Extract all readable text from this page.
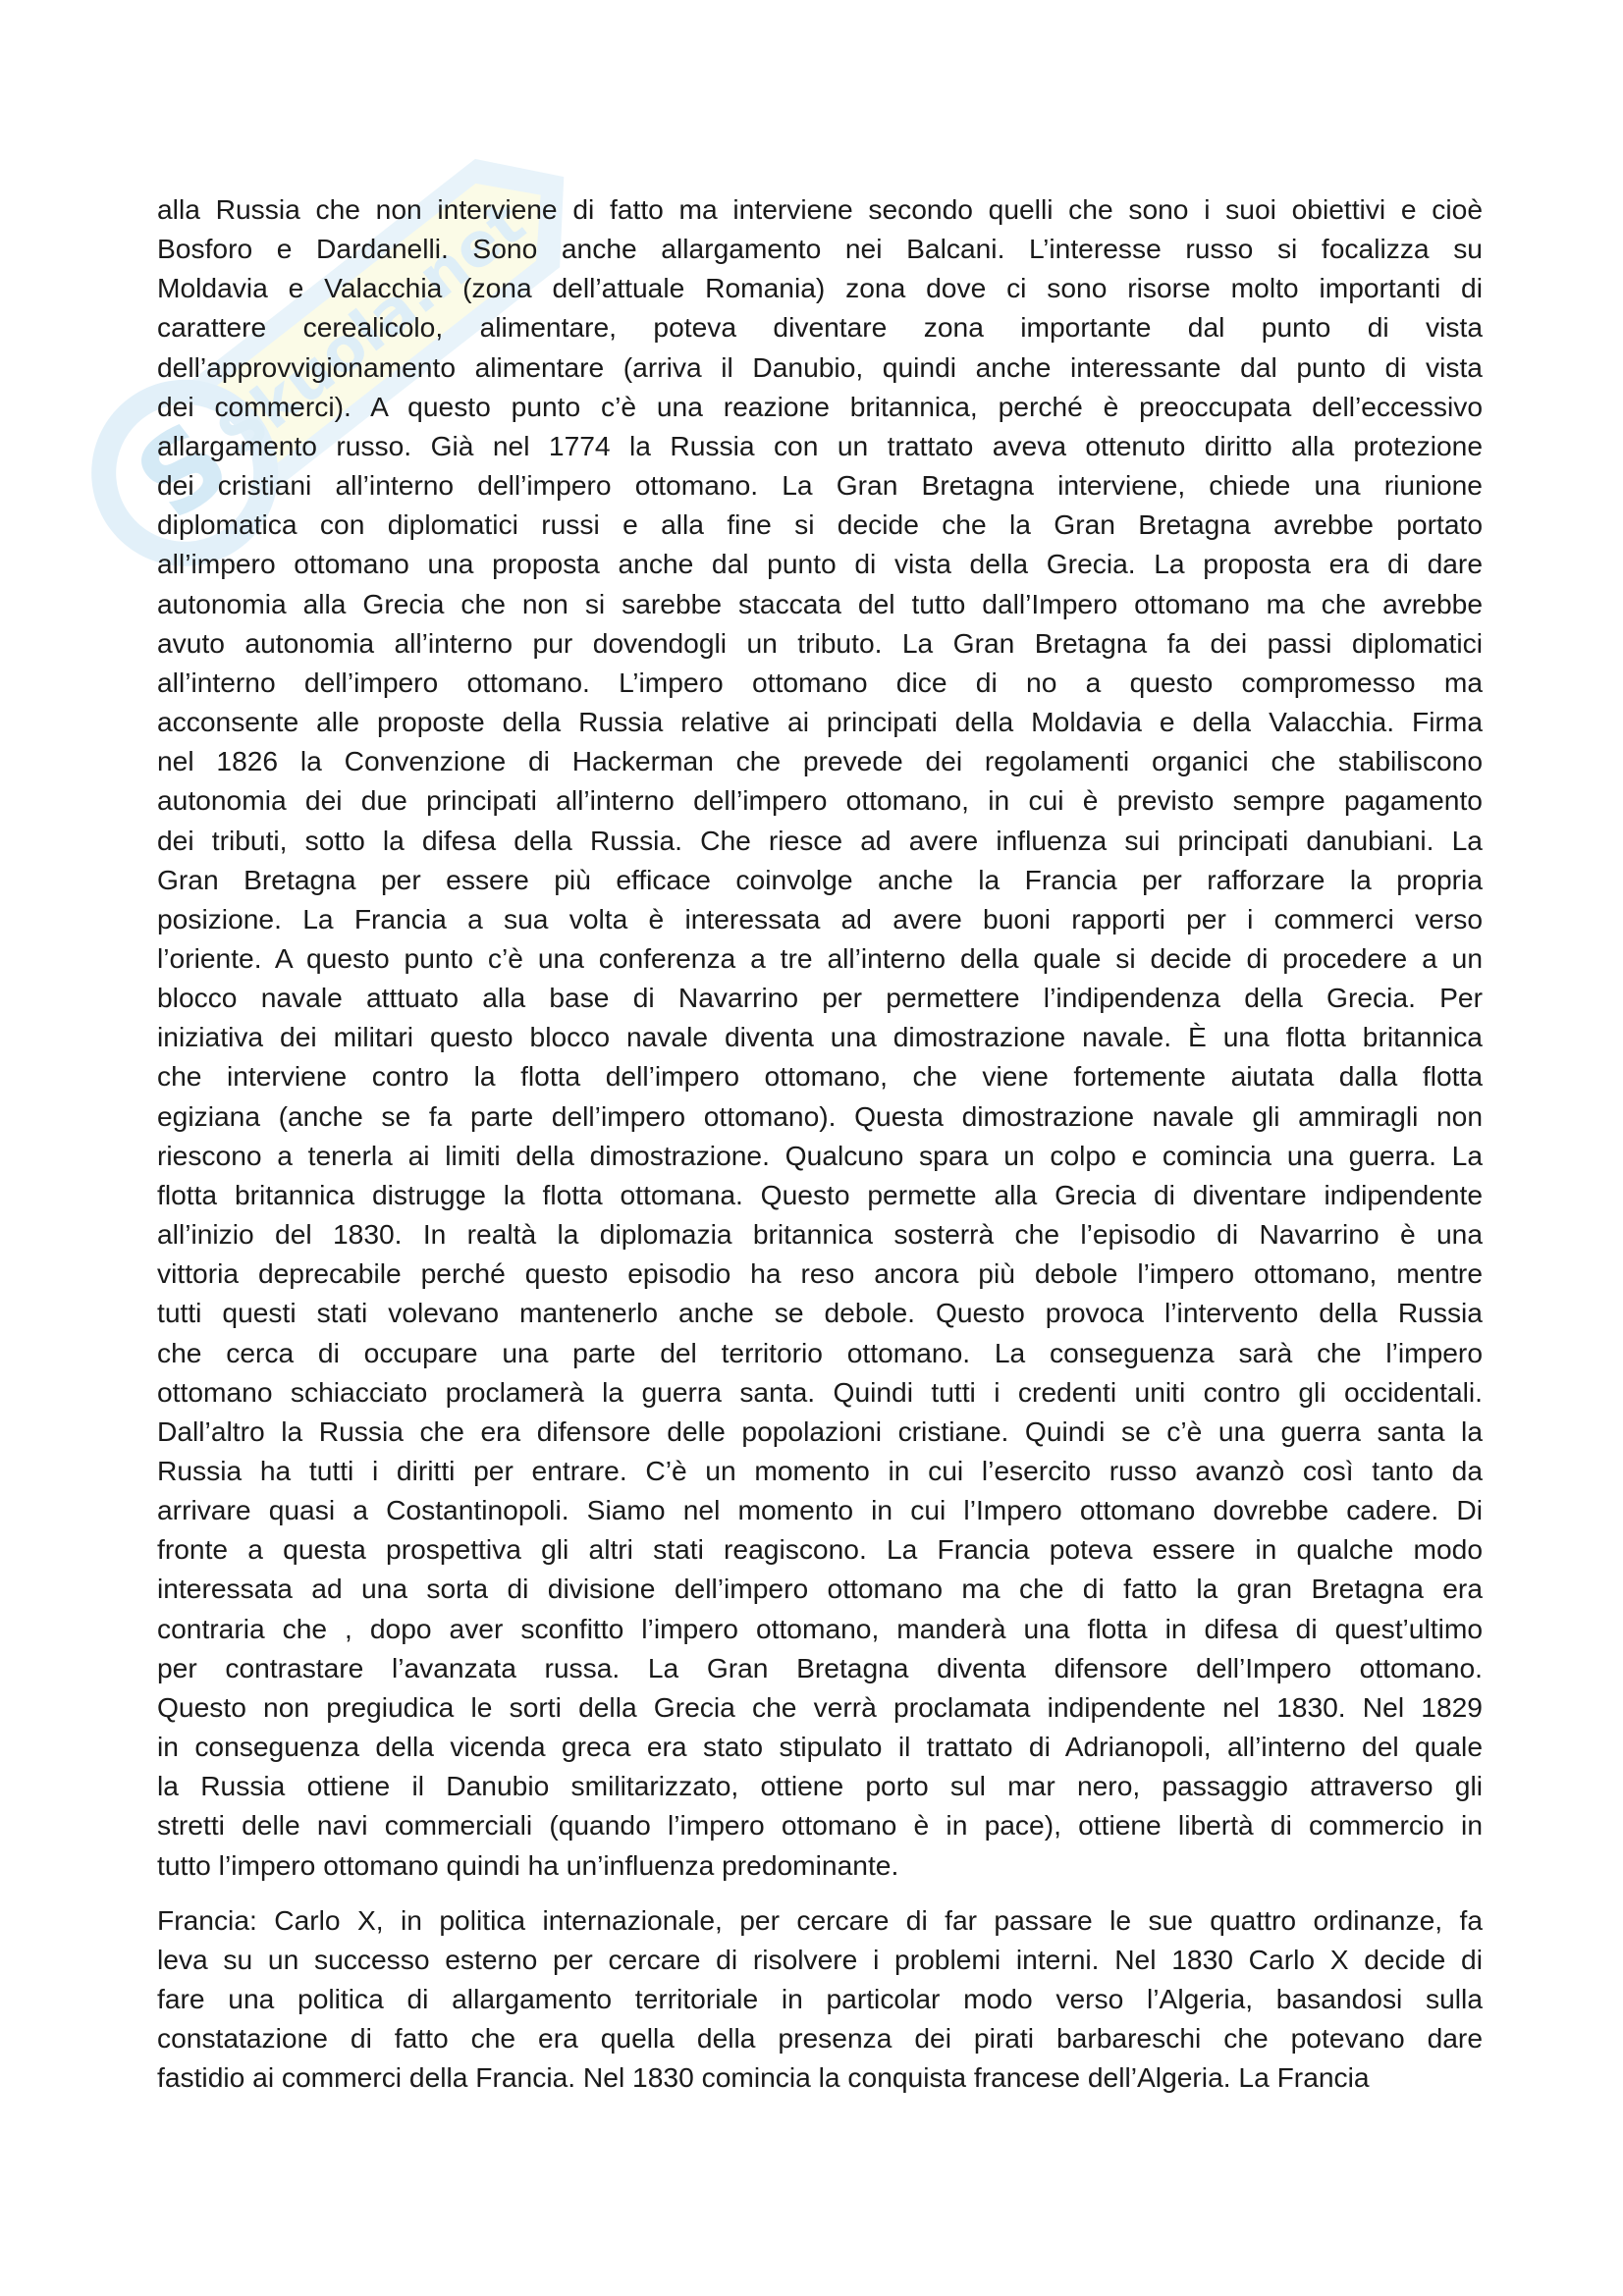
S
Skuola.net
alla Russia che non interviene di fatto ma interviene secondo quelli che sono i suoi obiettivi e cioè
Bosforo e Dardanelli. Sono anche allargamento nei Balcani. L’interesse russo si focalizza su
Moldavia e Valacchia (zona dell’attuale Romania) zona dove ci sono risorse molto importanti di
carattere cerealicolo, alimentare, poteva diventare zona importante dal punto di vista
dell’approvvigionamento alimentare (arriva il Danubio, quindi anche interessante dal punto di vista
dei commerci). A questo punto c’è una reazione britannica, perché è preoccupata dell’eccessivo
allargamento russo. Già nel 1774 la Russia con un trattato aveva ottenuto diritto alla protezione
dei cristiani all’interno dell’impero ottomano. La Gran Bretagna interviene, chiede una riunione
diplomatica con diplomatici russi e alla fine si decide che la Gran Bretagna avrebbe portato
all’impero ottomano una proposta anche dal punto di vista della Grecia. La proposta era di dare
autonomia alla Grecia che non si sarebbe staccata del tutto dall’Impero ottomano ma che avrebbe
avuto autonomia all’interno pur dovendogli un tributo. La Gran Bretagna fa dei passi diplomatici
all’interno dell’impero ottomano. L’impero ottomano dice di no a questo compromesso ma
acconsente alle proposte della Russia relative ai principati della Moldavia e della Valacchia. Firma
nel 1826 la Convenzione di Hackerman che prevede dei regolamenti organici che stabiliscono
autonomia dei due principati all’interno dell’impero ottomano, in cui è previsto sempre pagamento
dei tributi, sotto la difesa della Russia. Che riesce ad avere influenza sui principati danubiani. La
Gran Bretagna per essere più efficace coinvolge anche la Francia per rafforzare la propria
posizione. La Francia a sua volta è interessata ad avere buoni rapporti per i commerci verso
l’oriente. A questo punto c’è una conferenza a tre all’interno della quale si decide di procedere a un
blocco navale atttuato alla base di Navarrino per permettere l’indipendenza della Grecia. Per
iniziativa dei militari questo blocco navale diventa una dimostrazione navale. È una flotta britannica
che interviene contro la flotta dell’impero ottomano, che viene fortemente aiutata dalla flotta
egiziana (anche se fa parte dell’impero ottomano). Questa dimostrazione navale gli ammiragli non
riescono a tenerla ai limiti della dimostrazione. Qualcuno spara un colpo e comincia una guerra. La
flotta britannica distrugge la flotta ottomana. Questo permette alla Grecia di diventare indipendente
all’inizio del 1830. In realtà la diplomazia britannica sosterrà che l’episodio di Navarrino è una
vittoria deprecabile perché questo episodio ha reso ancora più debole l’impero ottomano, mentre
tutti questi stati volevano mantenerlo anche se debole. Questo provoca l’intervento della Russia
che cerca di occupare una parte del territorio ottomano. La conseguenza sarà che l’impero
ottomano schiacciato proclamerà la guerra santa. Quindi tutti i credenti uniti contro gli occidentali.
Dall’altro la Russia che era difensore delle popolazioni cristiane. Quindi se c’è una guerra santa la
Russia ha tutti i diritti per entrare. C’è un momento in cui l’esercito russo avanzò così tanto da
arrivare quasi a Costantinopoli. Siamo nel momento in cui l’Impero ottomano dovrebbe cadere. Di
fronte a questa prospettiva gli altri stati reagiscono. La Francia poteva essere in qualche modo
interessata ad una sorta di divisione dell’impero ottomano ma che di fatto la gran Bretagna era
contraria che , dopo aver sconfitto l’impero ottomano, manderà una flotta in difesa di quest’ultimo
per contrastare l’avanzata russa. La Gran Bretagna diventa difensore dell’Impero ottomano.
Questo non pregiudica le sorti della Grecia che verrà proclamata indipendente nel 1830. Nel 1829
in conseguenza della vicenda greca era stato stipulato il trattato di Adrianopoli, all’interno del quale
la Russia ottiene il Danubio smilitarizzato, ottiene porto sul mar nero, passaggio attraverso gli
stretti delle navi commerciali (quando l’impero ottomano è in pace), ottiene libertà di commercio in
tutto l’impero ottomano quindi ha un’influenza predominante.
Francia: Carlo X, in politica internazionale, per cercare di far passare le sue quattro ordinanze, fa
leva su un successo esterno per cercare di risolvere i problemi interni. Nel 1830 Carlo X decide di
fare una politica di allargamento territoriale in particolar modo verso l’Algeria, basandosi sulla
constatazione di fatto che era quella della presenza dei pirati barbareschi che potevano dare
fastidio ai commerci della Francia. Nel 1830 comincia la conquista francese dell’Algeria. La Francia
